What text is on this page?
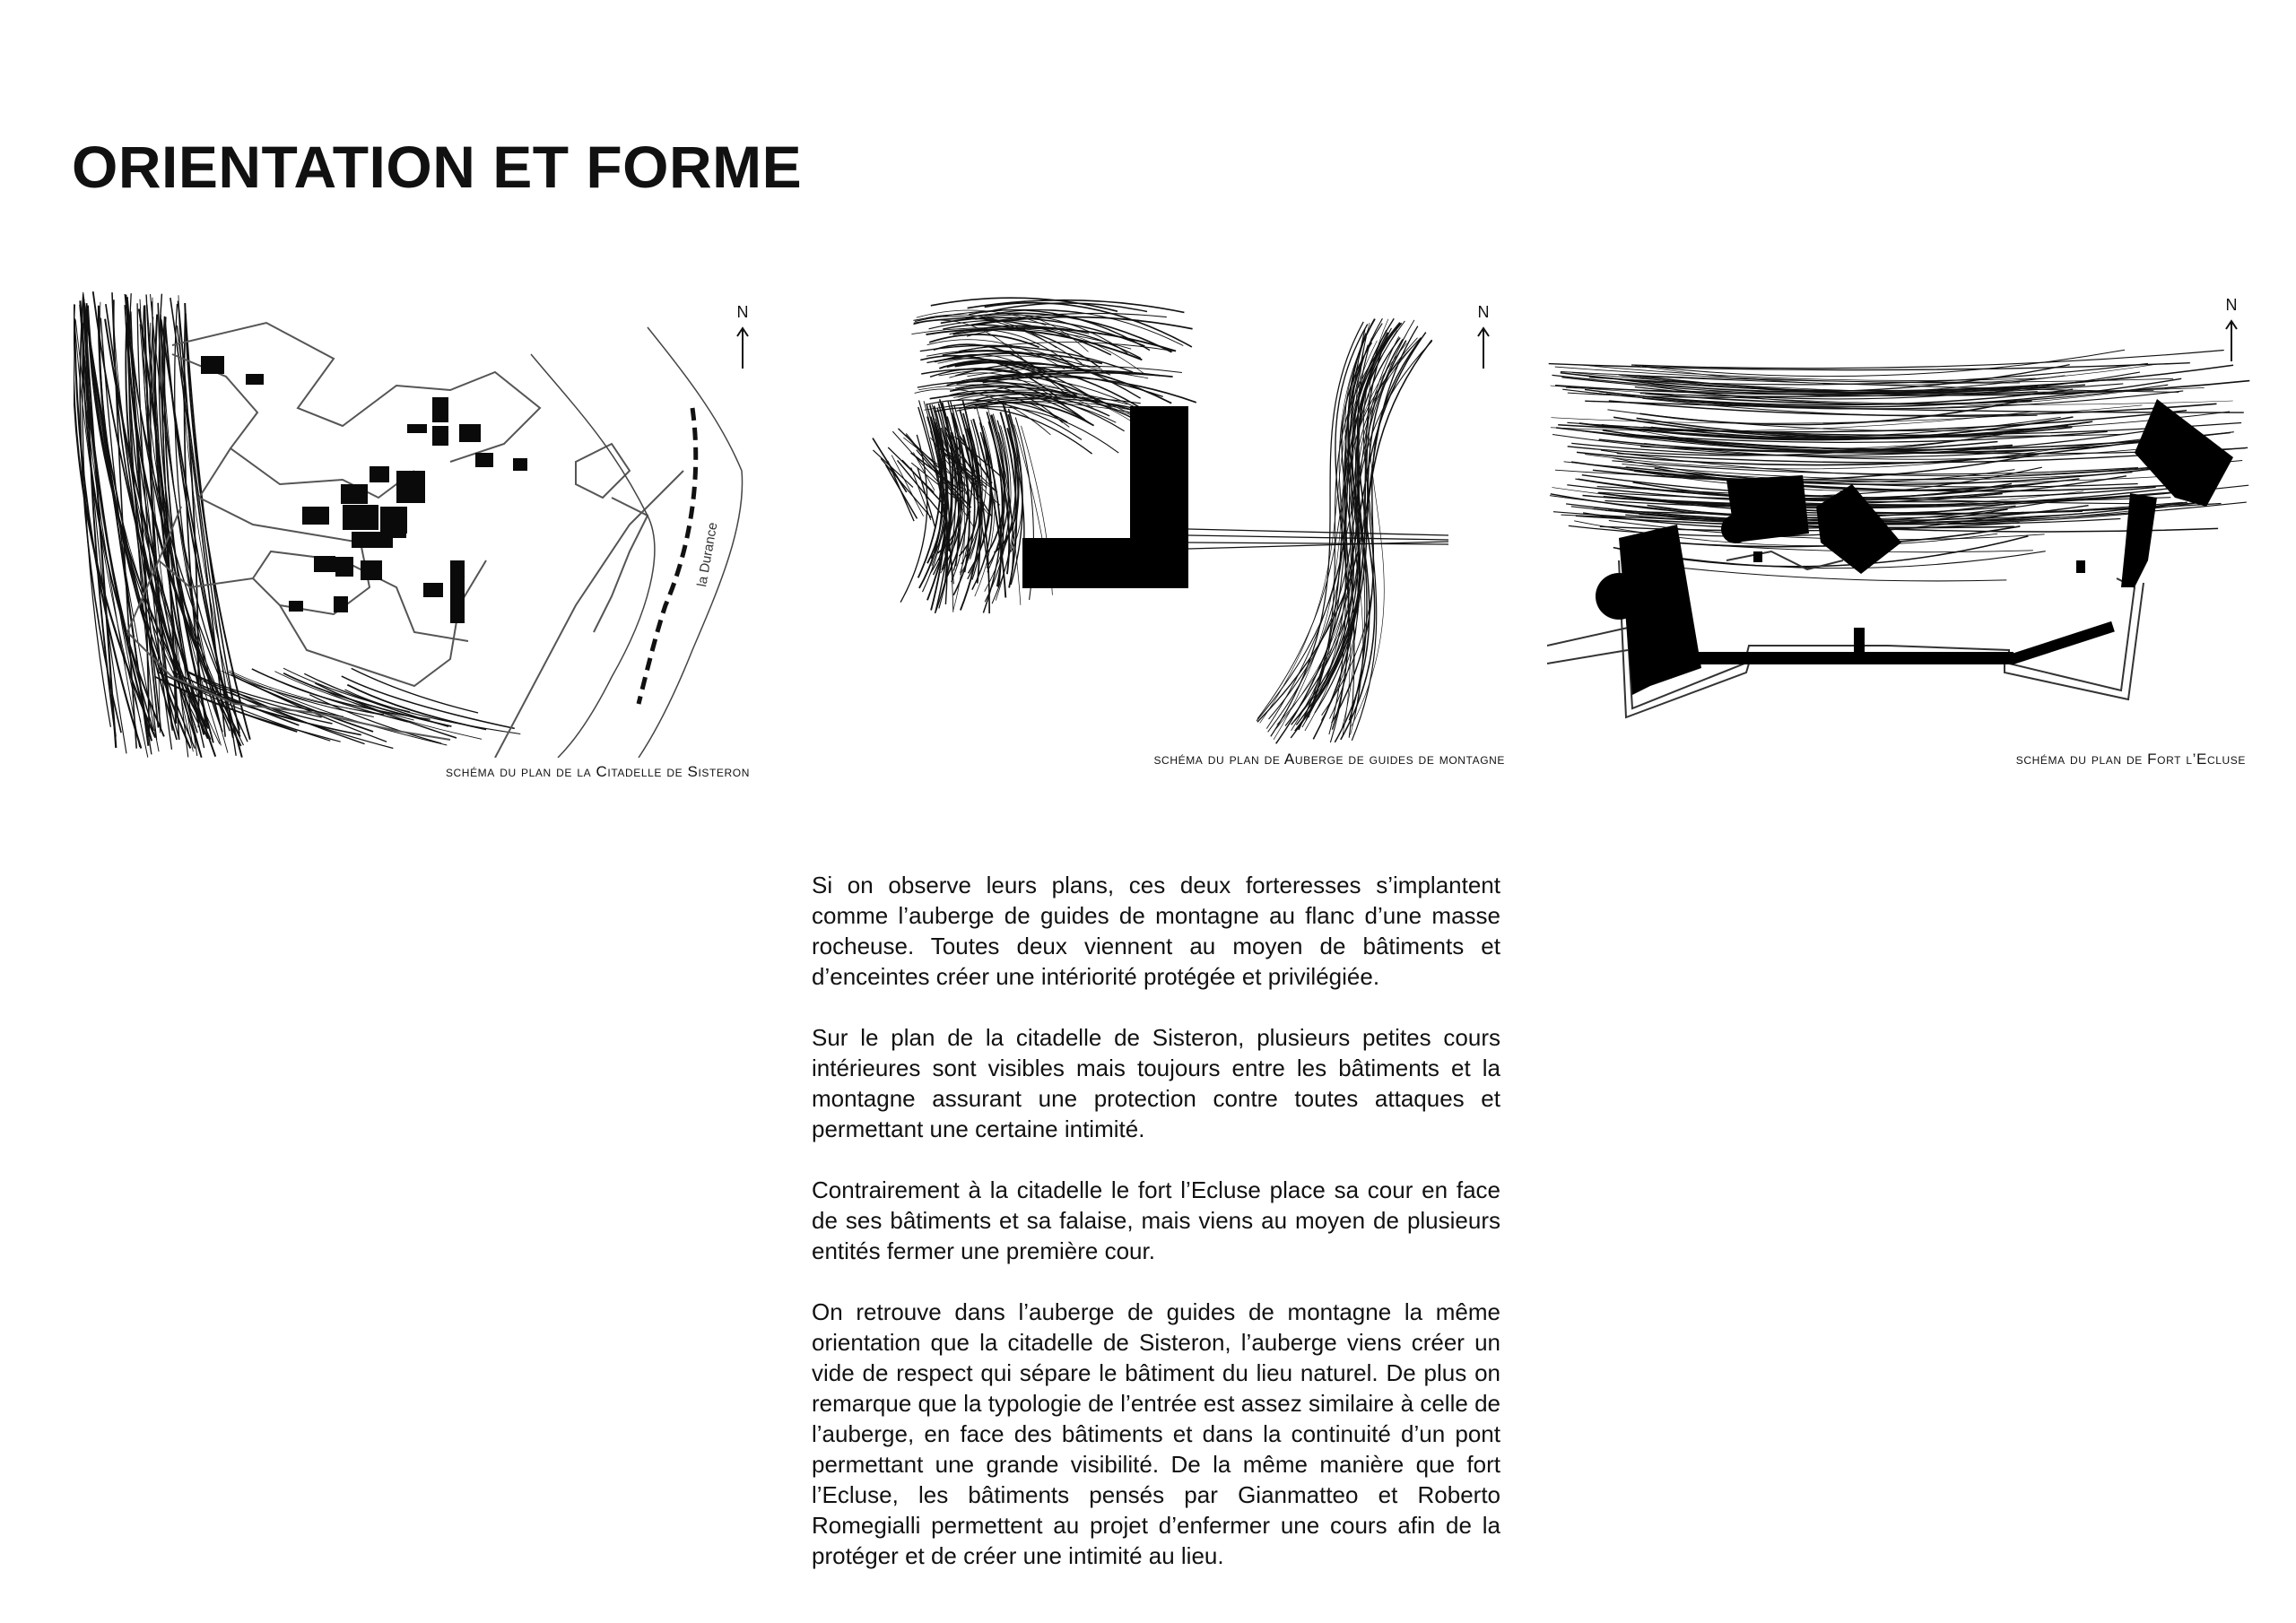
ORIENTATION ET FORME
la Durance
N
schéma du plan de la Citadelle de Sisteron
N
schéma du plan de Auberge de guides de montagne
N
schéma du plan de Fort l’Ecluse

Si on observe leurs plans, ces deux forteresses s’implantent comme l’auberge de guides de montagne au flanc d’une masse rocheuse. Toutes deux viennent au moyen de bâtiments et d’enceintes créer une intériorité protégée et privilégiée.

Sur le plan de la citadelle de Sisteron, plusieurs petites cours intérieures sont visibles mais toujours entre les bâtiments et la montagne assurant une protection contre toutes attaques et permettant une certaine intimité.

Contrairement à la citadelle le fort l’Ecluse place sa cour en face de ses bâtiments et sa falaise, mais viens au moyen de plusieurs entités fermer une première cour.

On retrouve dans l’auberge de guides de montagne la même orientation que la citadelle de Sisteron, l’auberge viens créer un vide de respect qui sépare le bâtiment du lieu naturel. De plus on remarque que la typologie de l’entrée est assez similaire à celle de l’auberge, en face des bâtiments et dans la continuité d’un pont permettant une grande visibilité. De la même manière que fort l’Ecluse, les bâtiments pensés par Gianmatteo et Roberto Romegialli permettent au projet d’enfermer une cours afin de la protéger et de créer une intimité au lieu.
